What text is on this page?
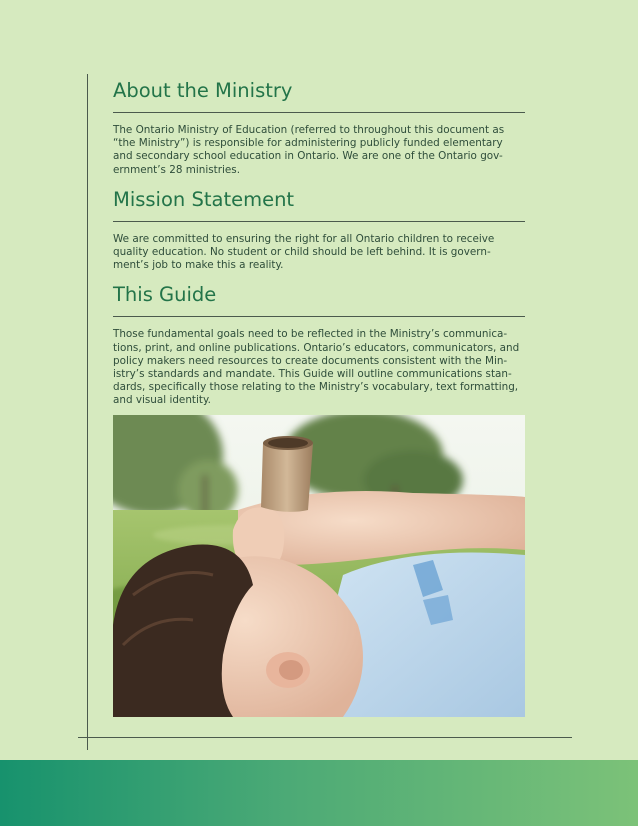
About the Ministry

The Ontario Ministry of Education (referred to throughout this document as
“the Ministry”) is responsible for administering publicly funded elementary
and secondary school education in Ontario. We are one of the Ontario gov-
ernment’s 28 ministries.

Mission Statement

We are committed to ensuring the right for all Ontario children to receive
quality education. No student or child should be left behind. It is govern-
ment’s job to make this a reality.

This Guide

Those fundamental goals need to be reflected in the Ministry’s communica-
tions, print, and online publications. Ontario’s educators, communicators, and
policy makers need resources to create documents consistent with the Min-
istry’s standards and mandate. This Guide will outline communications stan-
dards, specifically those relating to the Ministry’s vocabulary, text formatting,
and visual identity.
